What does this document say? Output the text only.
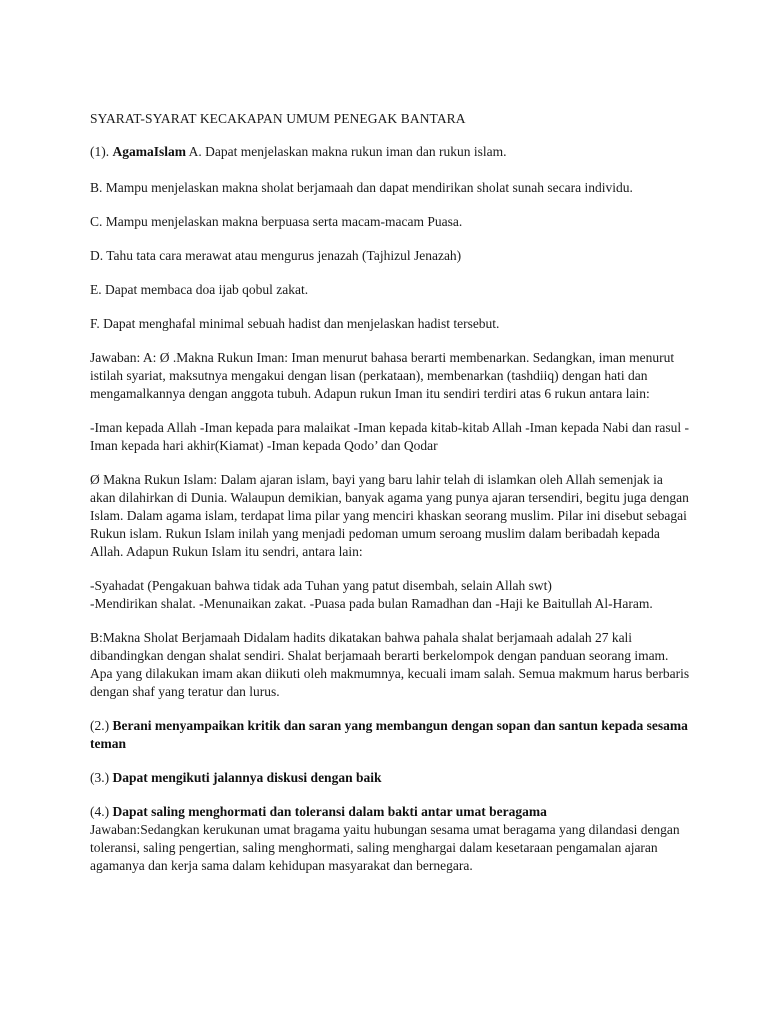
SYARAT-SYARAT KECAKAPAN UMUM PENEGAK BANTARA

(1). AgamaIslam A. Dapat menjelaskan makna rukun iman dan rukun islam.

B. Mampu menjelaskan makna sholat berjamaah dan dapat mendirikan sholat sunah secara individu.

C. Mampu menjelaskan makna berpuasa serta macam-macam Puasa.

D. Tahu tata cara merawat atau mengurus jenazah (Tajhizul Jenazah)

E. Dapat membaca doa ijab qobul zakat.

F. Dapat menghafal minimal sebuah hadist dan menjelaskan hadist tersebut.

Jawaban: A: Ø .Makna Rukun Iman: Iman menurut bahasa berarti membenarkan. Sedangkan, iman menurut istilah syariat, maksutnya mengakui dengan lisan (perkataan), membenarkan (tashdiiq) dengan hati dan mengamalkannya dengan anggota tubuh. Adapun rukun Iman itu sendiri terdiri atas 6 rukun antara lain:

-Iman kepada Allah -Iman kepada para malaikat -Iman kepada kitab-kitab Allah -Iman kepada Nabi dan rasul -Iman kepada hari akhir(Kiamat) -Iman kepada Qodo’ dan Qodar

Ø Makna Rukun Islam: Dalam ajaran islam, bayi yang baru lahir telah di islamkan oleh Allah semenjak ia akan dilahirkan di Dunia. Walaupun demikian, banyak agama yang punya ajaran tersendiri, begitu juga dengan Islam. Dalam agama islam, terdapat lima pilar yang menciri khaskan seorang muslim. Pilar ini disebut sebagai Rukun islam. Rukun Islam inilah yang menjadi pedoman umum seroang muslim dalam beribadah kepada Allah. Adapun Rukun Islam itu sendri, antara lain:

-Syahadat (Pengakuan bahwa tidak ada Tuhan yang patut disembah, selain Allah swt)

-Mendirikan shalat. -Menunaikan zakat. -Puasa pada bulan Ramadhan dan -Haji ke Baitullah Al-Haram.

B:Makna Sholat Berjamaah Didalam hadits dikatakan bahwa pahala shalat berjamaah adalah 27 kali dibandingkan dengan shalat sendiri. Shalat berjamaah berarti berkelompok dengan panduan seorang imam. Apa yang dilakukan imam akan diikuti oleh makmumnya, kecuali imam salah. Semua makmum harus berbaris dengan shaf yang teratur dan lurus.

(2.) Berani menyampaikan kritik dan saran yang membangun dengan sopan dan santun kepada sesama teman

(3.) Dapat mengikuti jalannya diskusi dengan baik

(4.) Dapat saling menghormati dan toleransi dalam bakti antar umat beragama

Jawaban:Sedangkan kerukunan umat bragama yaitu hubungan sesama umat beragama yang dilandasi dengan toleransi, saling pengertian, saling menghormati, saling menghargai dalam kesetaraan pengamalan ajaran agamanya dan kerja sama dalam kehidupan masyarakat dan bernegara.
